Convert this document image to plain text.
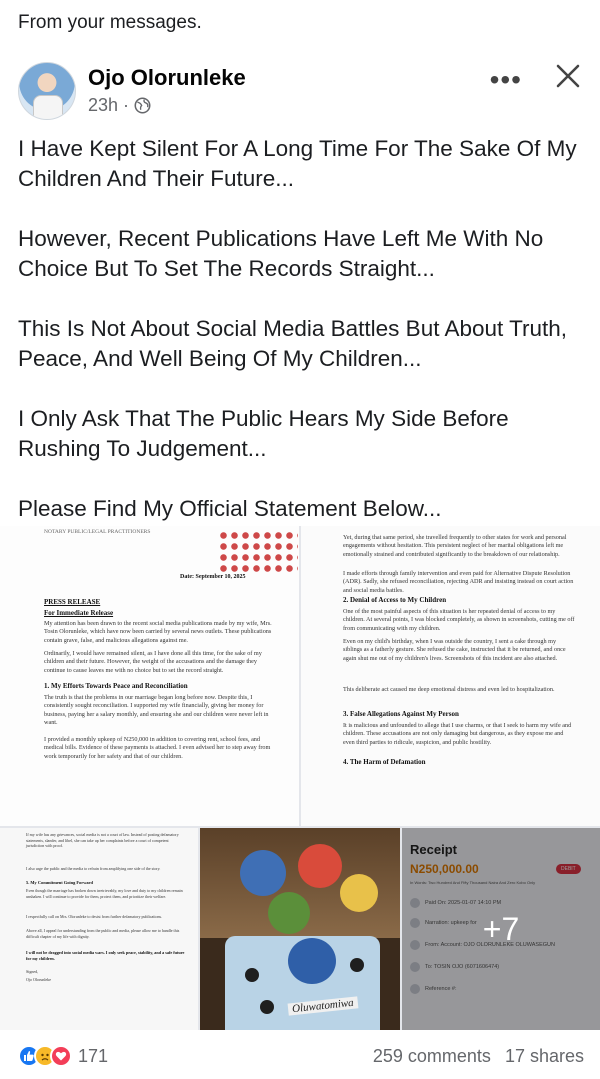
From your messages.
Ojo Olorunleke
23h ·
•••

I Have Kept Silent For A Long Time For The Sake Of My Children And Their Future...

However, Recent Publications Have Left Me With No Choice But To Set The Records Straight...

This Is Not About Social Media Battles But About Truth, Peace, And Well Being Of My Children...

I Only Ask That The Public Hears My Side Before Rushing To Judgement...

Please Find My Official Statement Below...

NOTARY PUBLIC/LEGAL PRACTITIONERS
Date: September 10, 2025
PRESS RELEASE
For Immediate Release
My attention has been drawn to the recent social media publications made by my wife, Mrs. Tosin Olorunleke, which have now been carried by several news outlets. These publications contain grave, false, and malicious allegations against me.
Ordinarily, I would have remained silent, as I have done all this time, for the sake of my children and their future. However, the weight of the accusations and the damage they continue to cause leaves me with no choice but to set the record straight.
1. My Efforts Towards Peace and Reconciliation
The truth is that the problems in our marriage began long before now. Despite this, I consistently sought reconciliation. I supported my wife financially, giving her money for business, paying her a salary monthly, and ensuring she and our children were never left in want.
I provided a monthly upkeep of N250,000 in addition to covering rent, school fees, and medical bills. Evidence of these payments is attached. I even advised her to step away from work temporarily for her safety and that of our children.
Yet, during that same period, she travelled frequently to other states for work and personal engagements without hesitation. This persistent neglect of her marital obligations left me emotionally strained and contributed significantly to the breakdown of our relationship.
I made efforts through family intervention and even paid for Alternative Dispute Resolution (ADR). Sadly, she refused reconciliation, rejecting ADR and insisting instead on court action and social media battles.
2. Denial of Access to My Children
One of the most painful aspects of this situation is her repeated denial of access to my children. At several points, I was blocked completely, as shown in screenshots, cutting me off from communicating with my children.
Even on my child's birthday, when I was outside the country, I sent a cake through my siblings as a fatherly gesture. She refused the cake, instructed that it be returned, and once again shut me out of my children's lives. Screenshots of this incident are also attached.
This deliberate act caused me deep emotional distress and even led to hospitalization.
3. False Allegations Against My Person
It is malicious and unfounded to allege that I use charms, or that I seek to harm my wife and children. These accusations are not only damaging but dangerous, as they expose me and even third parties to ridicule, suspicion, and public hostility.
4. The Harm of Defamation
If my wife has any grievances, social media is not a court of law. Instead of posting defamatory statements, slander, and libel, she can take up her complaints before a court of competent jurisdiction with proof.
I also urge the public and the media to refrain from amplifying one side of the story.
5. My Commitment Going Forward
Even though the marriage has broken down irretrievably, my love and duty to my children remain unshaken. I will continue to provide for them, protect them, and prioritize their welfare.
I respectfully call on Mrs. Olorunleke to desist from further defamatory publications.
Above all, I appeal for understanding from the public and media, please allow me to handle this difficult chapter of my life with dignity.
I will not be dragged into social media wars. I only seek peace, stability, and a safe future for my children.
Signed,
Ojo Olorunleke
Oluwatomiwa
Receipt
N250,000.00	DEBIT
In Words: Two Hundred And Fifty Thousand Naira And Zero Kobo Only
Paid On: 2025-01-07 14:10 PM
Narration: upkeep for
From: Account: OJO OLORUNLEKE OLUWASEGUN
To: TOSIN OJO (6071606474)
Reference #:
+7
171	259 comments 17 shares
